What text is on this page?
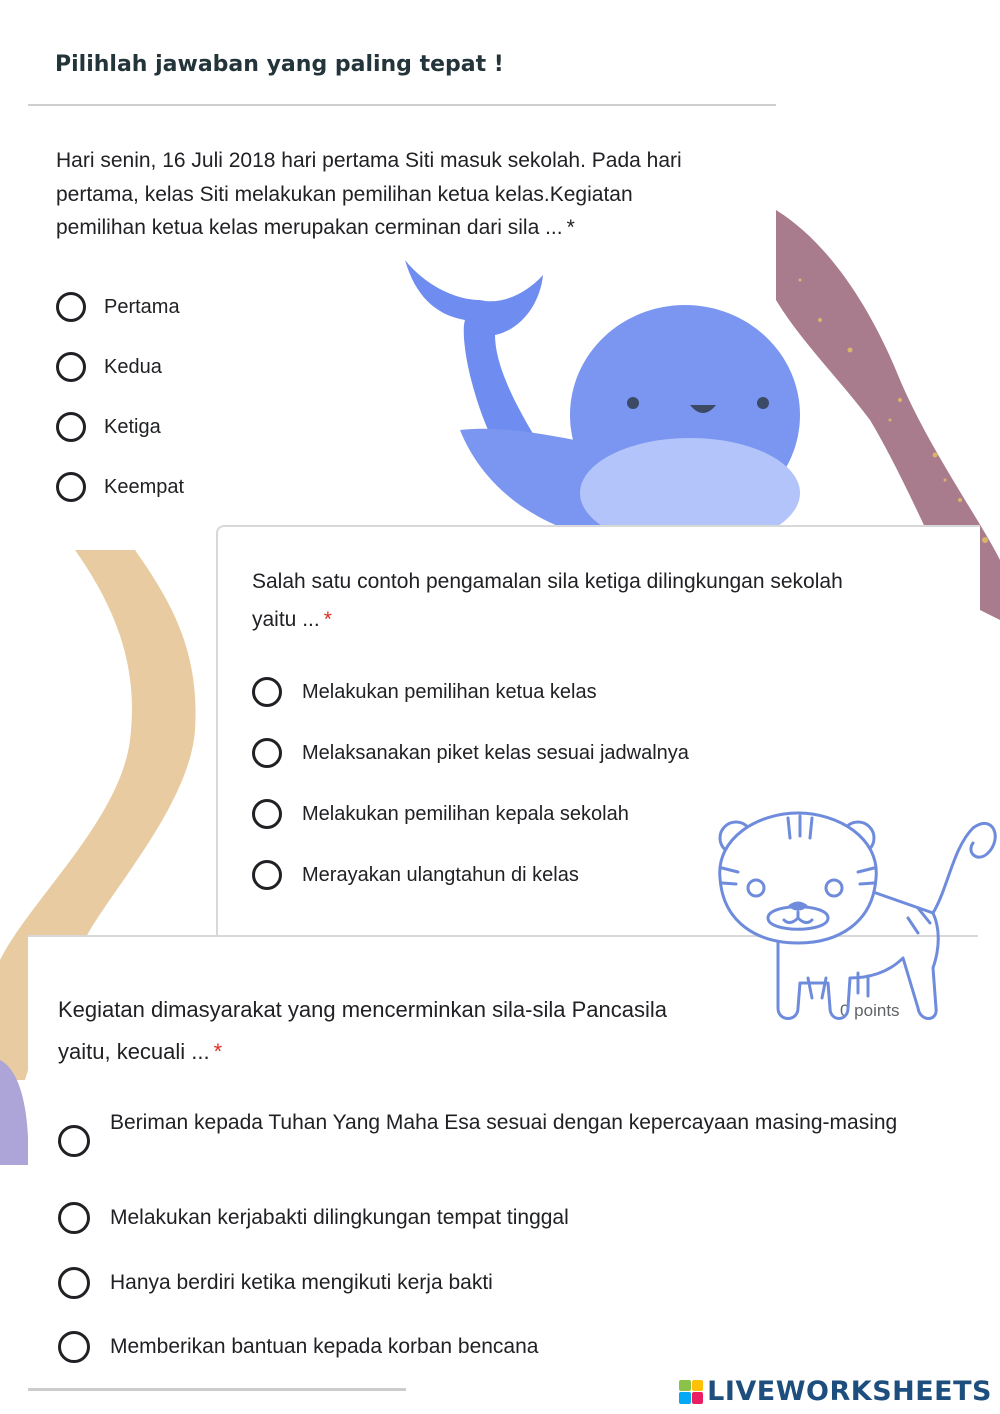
Pilihlah jawaban yang paling tepat !
Hari senin, 16 Juli 2018 hari pertama Siti masuk sekolah. Pada hari
pertama, kelas Siti melakukan pemilihan ketua kelas.Kegiatan
pemilihan ketua kelas merupakan cerminan dari sila ... *
Pertama
Kedua
Ketiga
Keempat
Salah satu contoh pengamalan sila ketiga dilingkungan sekolah
yaitu ... *
Melakukan pemilihan ketua kelas
Melaksanakan piket kelas sesuai jadwalnya
Melakukan pemilihan kepala sekolah
Merayakan ulangtahun di kelas
Kegiatan dimasyarakat yang mencerminkan sila-sila Pancasila
yaitu, kecuali ... *
0 points
Beriman kepada Tuhan Yang Maha Esa sesuai dengan kepercayaan masing-masing
Melakukan kerjabakti dilingkungan tempat tinggal
Hanya berdiri ketika mengikuti kerja bakti
Memberikan bantuan kepada korban bencana
LIVEWORKSHEETS
